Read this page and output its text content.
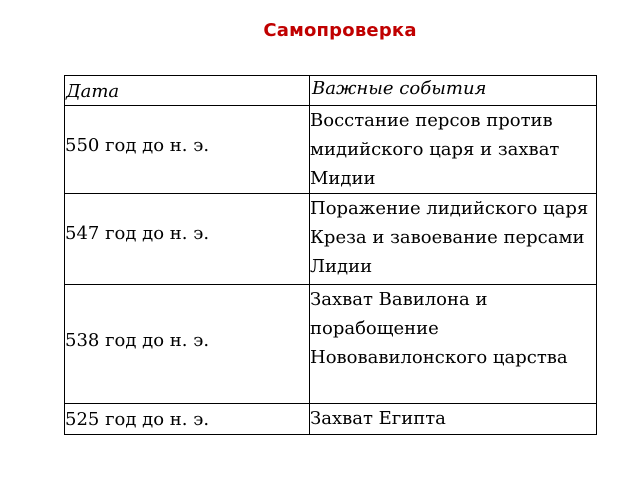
Самопроверка
Дата	Важные события

550 год до н. э.	Восстание персов против мидийского царя и захват Мидии

547 год до н. э.	Поражение лидийского царя Креза и завоевание персами Лидии

538 год до н. э.	Захват Вавилона и порабощение Нововавилонского царства

525 год до н. э.	Захват Египта
